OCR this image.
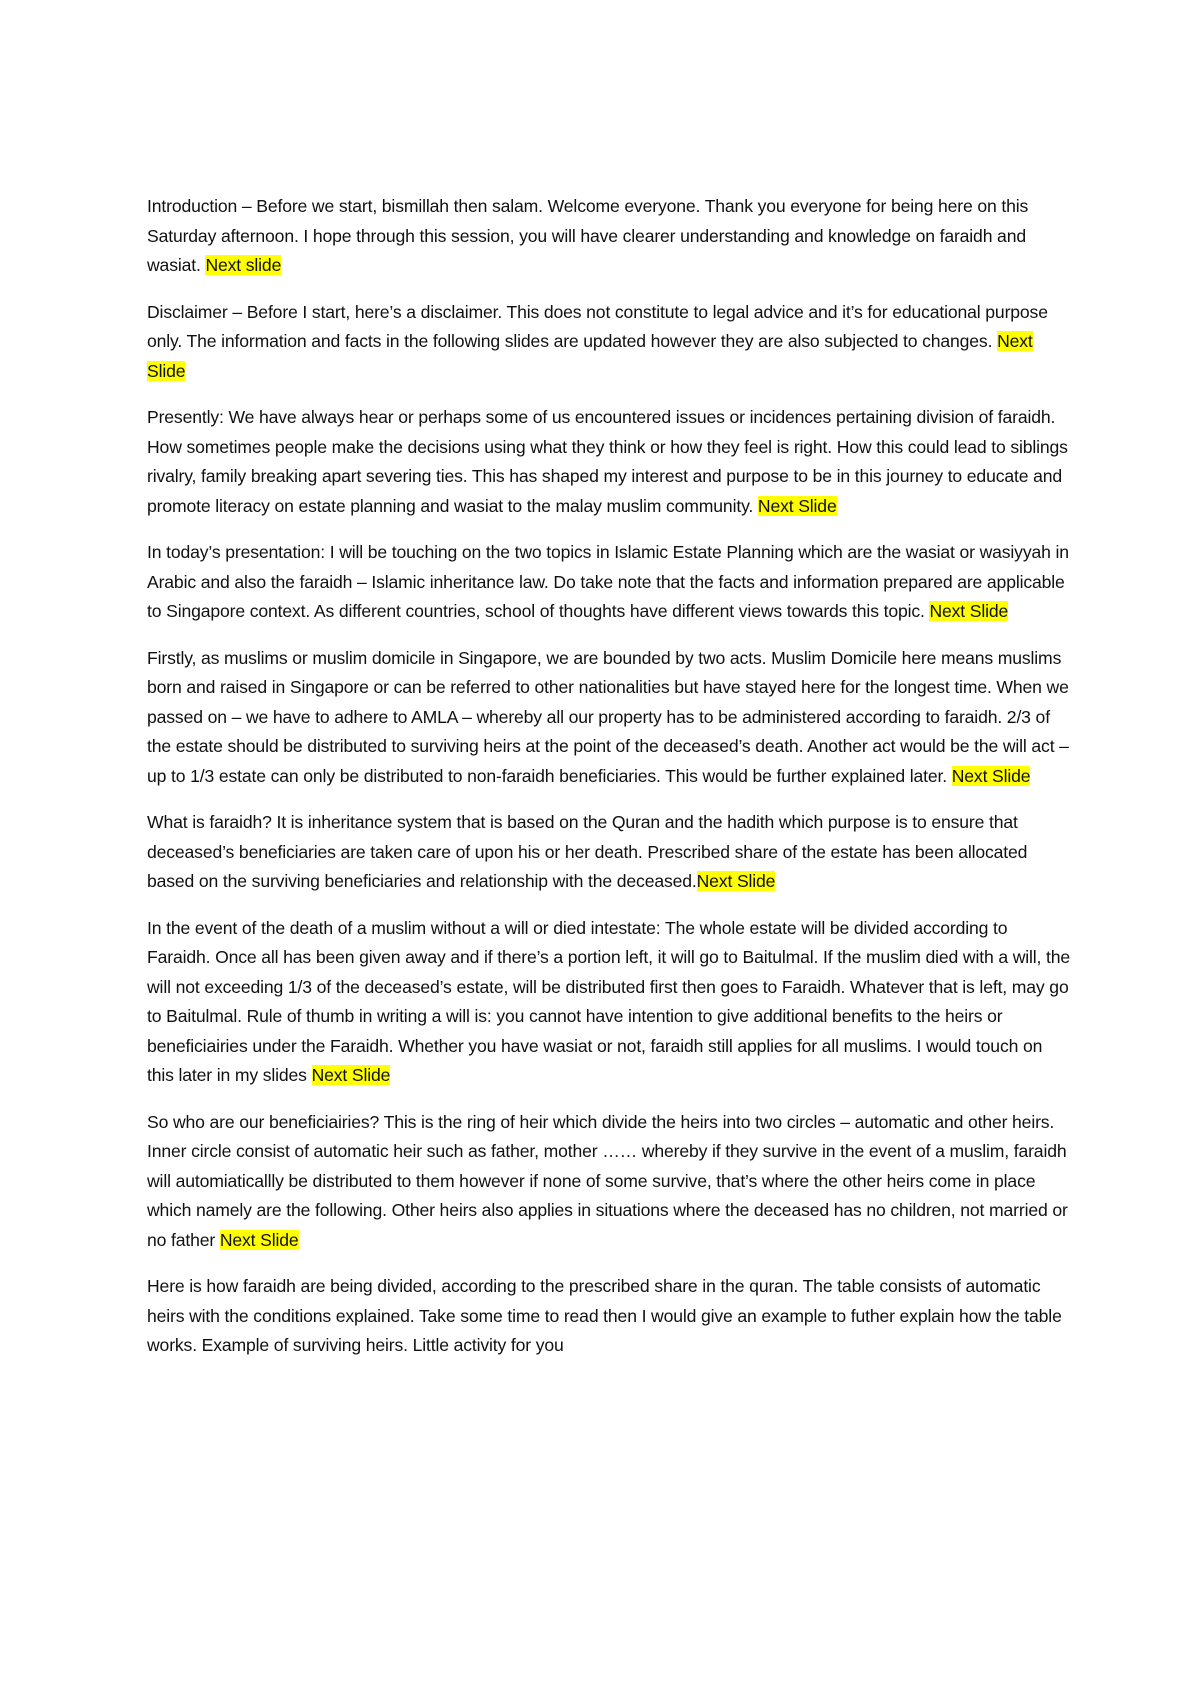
Introduction – Before we start, bismillah then salam. Welcome everyone. Thank you everyone for being here on this Saturday afternoon. I hope through this session, you will have clearer understanding and knowledge on faraidh and wasiat. Next slide

Disclaimer – Before I start, here’s a disclaimer. This does not constitute to legal advice and it’s for educational purpose only. The information and facts in the following slides are updated however they are also subjected to changes. Next Slide

Presently: We have always hear or perhaps some of us encountered issues or incidences pertaining division of faraidh. How sometimes people make the decisions using what they think or how they feel is right. How this could lead to siblings rivalry, family breaking apart severing ties. This has shaped my interest and purpose to be in this journey to educate and promote literacy on estate planning and wasiat to the malay muslim community. Next Slide

In today’s presentation: I will be touching on the two topics in Islamic Estate Planning which are the wasiat or wasiyyah in Arabic and also the faraidh – Islamic inheritance law. Do take note that the facts and information prepared are applicable to Singapore context. As different countries, school of thoughts have different views towards this topic. Next Slide

Firstly, as muslims or muslim domicile in Singapore, we are bounded by two acts. Muslim Domicile here means muslims born and raised in Singapore or can be referred to other nationalities but have stayed here for the longest time. When we passed on – we have to adhere to AMLA – whereby all our property has to be administered according to faraidh. 2/3 of the estate should be distributed to surviving heirs at the point of the deceased’s death. Another act would be the will act – up to 1/3 estate can only be distributed to non-faraidh beneficiaries. This would be further explained later. Next Slide

What is faraidh? It is inheritance system that is based on the Quran and the hadith which purpose is to ensure that deceased’s beneficiaries are taken care of upon his or her death. Prescribed share of the estate has been allocated based on the surviving beneficiaries and relationship with the deceased.Next Slide

In the event of the death of a muslim without a will or died intestate: The whole estate will be divided according to Faraidh. Once all has been given away and if there’s a portion left, it will go to Baitulmal. If the muslim died with a will, the will not exceeding 1/3 of the deceased’s estate, will be distributed first then goes to Faraidh. Whatever that is left, may go to Baitulmal. Rule of thumb in writing a will is: you cannot have intention to give additional benefits to the heirs or beneficiairies under the Faraidh. Whether you have wasiat or not, faraidh still applies for all muslims. I would touch on this later in my slides Next Slide

So who are our beneficiairies? This is the ring of heir which divide the heirs into two circles – automatic and other heirs. Inner circle consist of automatic heir such as father, mother …… whereby if they survive in the event of a muslim, faraidh will automiaticallly be distributed to them however if none of some survive, that’s where the other heirs come in place which namely are the following. Other heirs also applies in situations where the deceased has no children, not married or no father Next Slide

Here is how faraidh are being divided, according to the prescribed share in the quran. The table consists of automatic heirs with the conditions explained. Take some time to read then I would give an example to futher explain how the table works. Example of surviving heirs. Little activity for you
